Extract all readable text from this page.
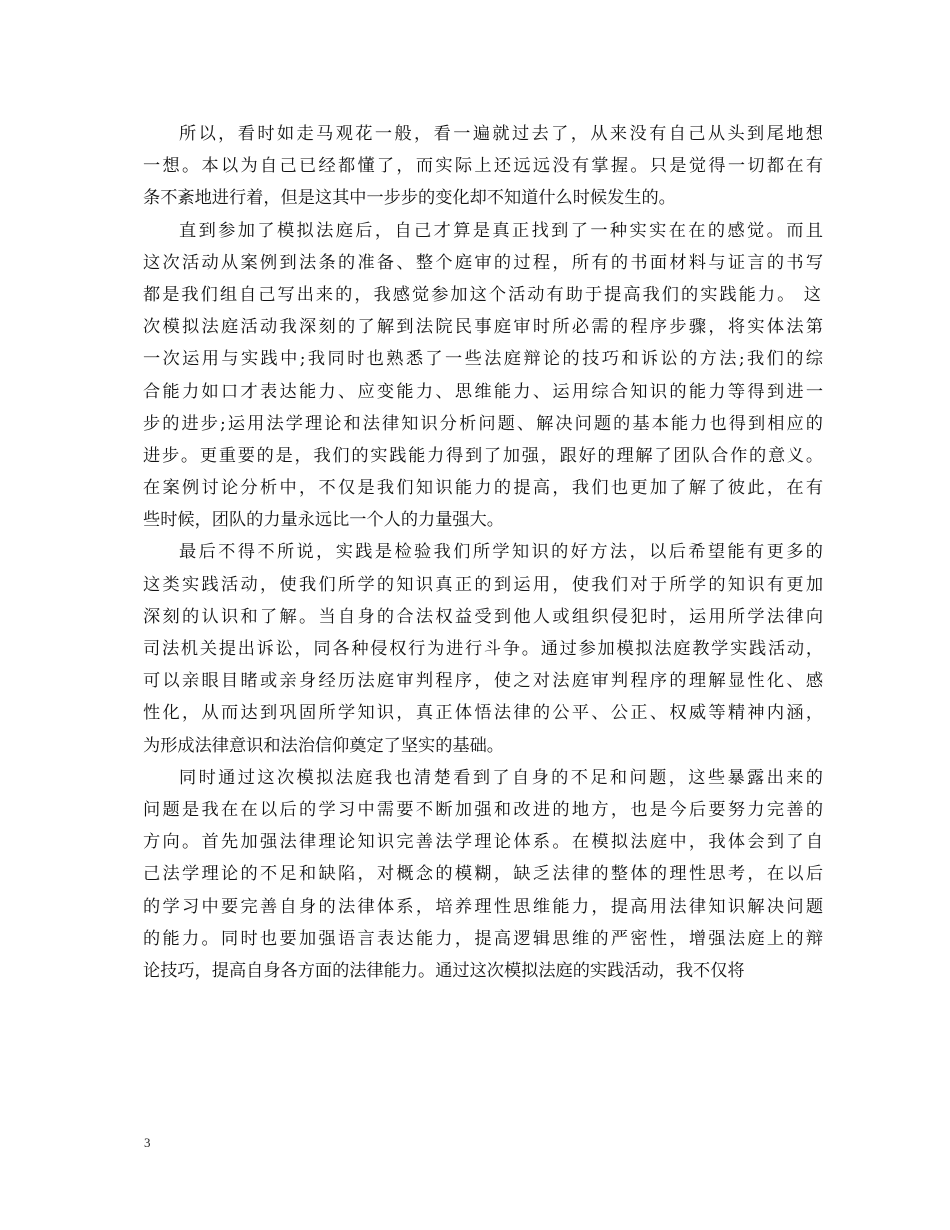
所以，看时如走马观花一般，看一遍就过去了，从来没有自己从头到尾地想
一想。本以为自己已经都懂了，而实际上还远远没有掌握。只是觉得一切都在有
条不紊地进行着，但是这其中一步步的变化却不知道什么时候发生的。
直到参加了模拟法庭后，自己才算是真正找到了一种实实在在的感觉。而且
这次活动从案例到法条的准备、整个庭审的过程，所有的书面材料与证言的书写
都是我们组自己写出来的，我感觉参加这个活动有助于提高我们的实践能力。 这
次模拟法庭活动我深刻的了解到法院民事庭审时所必需的程序步骤，将实体法第
一次运用与实践中;我同时也熟悉了一些法庭辩论的技巧和诉讼的方法;我们的综
合能力如口才表达能力、应变能力、思维能力、运用综合知识的能力等得到进一
步的进步;运用法学理论和法律知识分析问题、解决问题的基本能力也得到相应的
进步。更重要的是，我们的实践能力得到了加强，跟好的理解了团队合作的意义。
在案例讨论分析中，不仅是我们知识能力的提高，我们也更加了解了彼此，在有
些时候，团队的力量永远比一个人的力量强大。
最后不得不所说，实践是检验我们所学知识的好方法，以后希望能有更多的
这类实践活动，使我们所学的知识真正的到运用，使我们对于所学的知识有更加
深刻的认识和了解。当自身的合法权益受到他人或组织侵犯时，运用所学法律向
司法机关提出诉讼，同各种侵权行为进行斗争。通过参加模拟法庭教学实践活动，
可以亲眼目睹或亲身经历法庭审判程序，使之对法庭审判程序的理解显性化、感
性化，从而达到巩固所学知识，真正体悟法律的公平、公正、权威等精神内涵，
为形成法律意识和法治信仰奠定了坚实的基础。
同时通过这次模拟法庭我也清楚看到了自身的不足和问题，这些暴露出来的
问题是我在在以后的学习中需要不断加强和改进的地方，也是今后要努力完善的
方向。首先加强法律理论知识完善法学理论体系。在模拟法庭中，我体会到了自
己法学理论的不足和缺陷，对概念的模糊，缺乏法律的整体的理性思考，在以后
的学习中要完善自身的法律体系，培养理性思维能力，提高用法律知识解决问题
的能力。同时也要加强语言表达能力，提高逻辑思维的严密性，增强法庭上的辩
论技巧，提高自身各方面的法律能力。通过这次模拟法庭的实践活动，我不仅将
3
